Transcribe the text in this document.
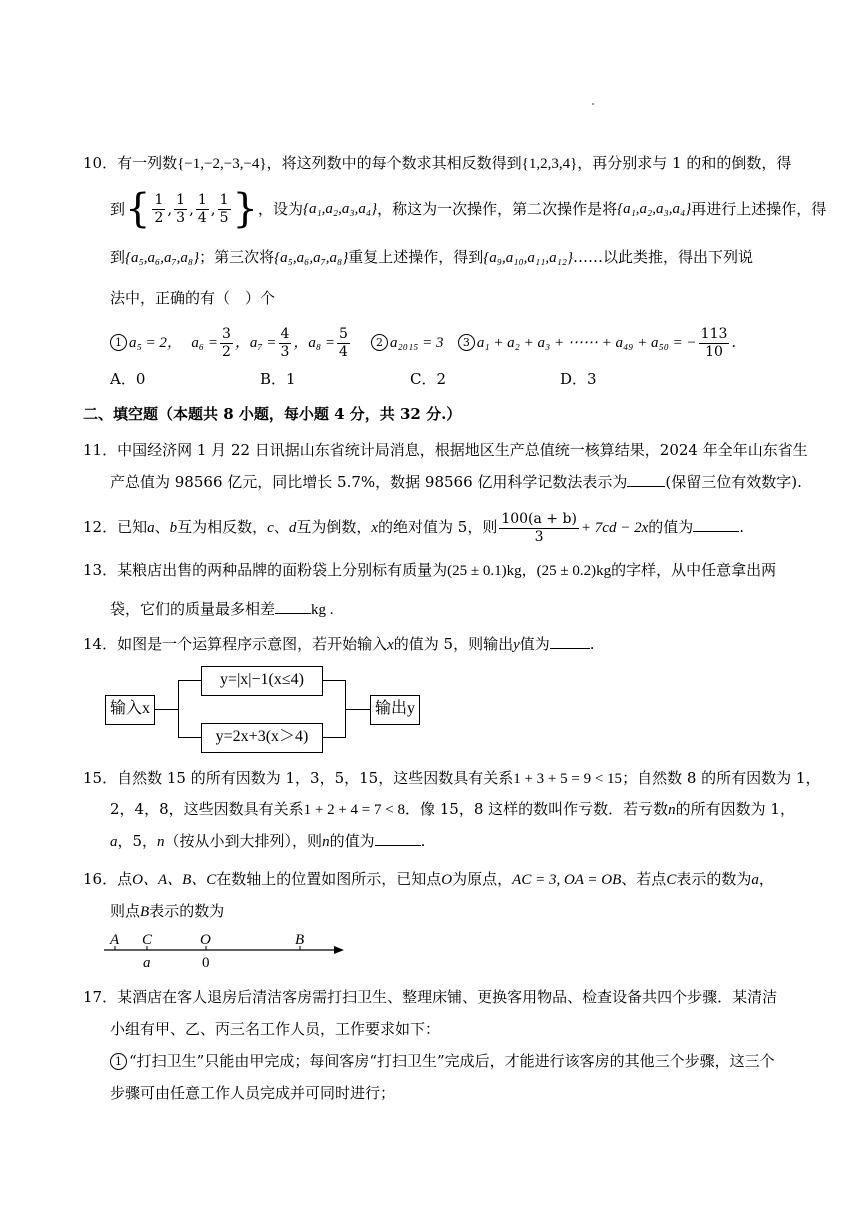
10．有一列数{−1,−2,−3,−4}，将这列数中的每个数求其相反数得到{1,2,3,4}，再分别求与 1 的和的倒数，得
到{ $\frac{1}{2}$ , $\frac{1}{3}$ , $\frac{1}{4}$ , $\frac{1}{5}$ }，设为{a₁,a₂,a₃,a₄}，称这为一次操作，第二次操作是将{a₁,a₂,a₃,a₄}再进行上述操作，得
到{a₅,a₆,a₇,a₈}；第三次将{a₅,a₆,a₇,a₈}重复上述操作，得到{a₉,a₁₀,a₁₁,a₁₂}……以此类推，得出下列说
法中，正确的有（　）个
1 a₅ = 2， $a_6 = \frac{3}{2}$ ，$a_7 = \frac{4}{3}$ ，$a_8 = \frac{5}{4} 2$ a₂₀₁₅ = 3 3 a₁ + a₂ + a₃ + ⋯⋯ + a₄₉ + a₅₀ = − $\frac{113}{10}$ .
A．0	B．1	C．2	D．3
二、填空题（本题共 8 小题，每小题 4 分，共 32 分.）
11．中国经济网 1 月 22 日讯据山东省统计局消息，根据地区生产总值统一核算结果，2024 年全年山东省生
产总值为 98566 亿元，同比增长 5.7%，数据 98566 亿用科学记数法表示为	(保留三位有效数字).
12．已知a、b互为相反数，c、d互为倒数，x的绝对值为 5，则 $\frac{100(a + b)}{3} + 7cd - 2x$的值为	.
13．某粮店出售的两种品牌的面粉袋上分别标有质量为(25 ± 0.1)kg，(25 ± 0.2)kg的字样，从中任意拿出两
袋，它们的质量最多相差 kg .
14．如图是一个运算程序示意图，若开始输入x的值为 5，则输出y值为	.
输入x
y=|x|−1(x≤4)
y=2x+3(x＞4)
输出y
15．自然数 15 的所有因数为 1，3，5，15，这些因数具有关系1 + 3 + 5 = 9 < 15；自然数 8 的所有因数为 1，
2，4，8，这些因数具有关系1 + 2 + 4 = 7 < 8．像 15，8 这样的数叫作亏数．若亏数n的所有因数为 1，
a，5，n（按从小到大排列），则n的值为	.
16．点O、A、B、C在数轴上的位置如图所示，已知点O为原点，AC = 3, OA = OB、若点C表示的数为a，
则点B表示的数为
A C	O	B
a	0
17．某酒店在客人退房后清洁客房需打扫卫生、整理床铺、更换客用物品、检查设备共四个步骤．某清洁
小组有甲、乙、丙三名工作人员，工作要求如下：
1 “打扫卫生”只能由甲完成；每间客房“打扫卫生”完成后，才能进行该客房的其他三个步骤，这三个
步骤可由任意工作人员完成并可同时进行；
